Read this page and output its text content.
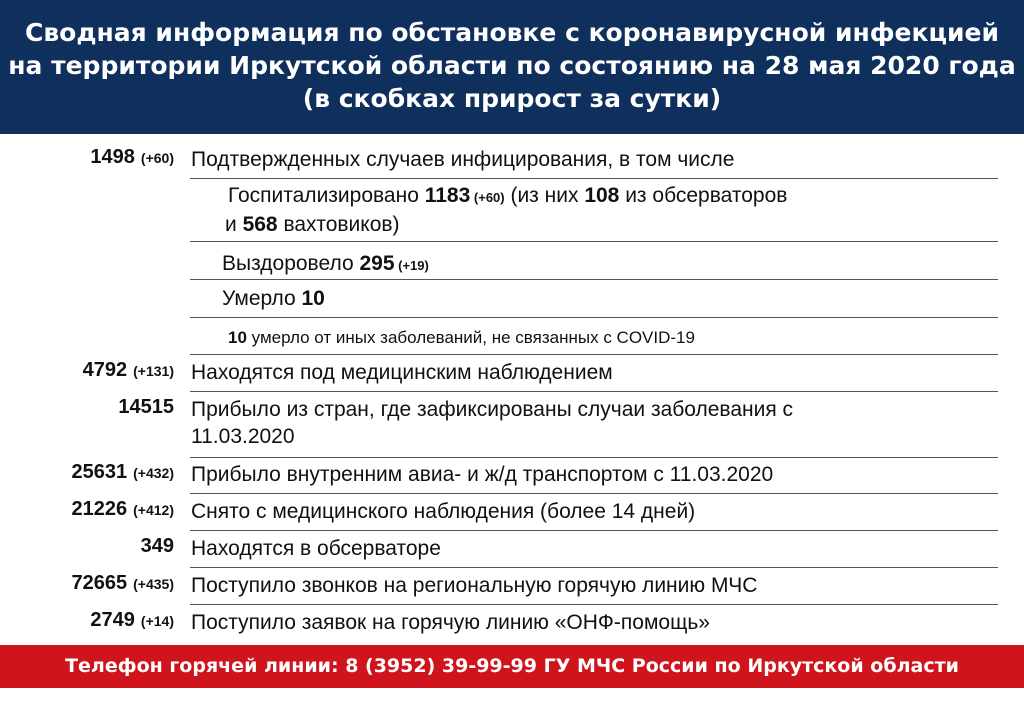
Сводная информация по обстановке с коронавирусной инфекцией
на территории Иркутской области по состоянию на 28 мая 2020 года
(в скобках прирост за сутки)
1498 (+60) Подтвержденных случаев инфицирования, в том числе
Госпитализировано 1183 (+60) (из них 108 из обсерваторов
и 568 вахтовиков)
Выздоровело 295 (+19)
Умерло 10
10 умерло от иных заболеваний, не связанных с COVID-19
4792 (+131) Находятся под медицинским наблюдением
14515 Прибыло из стран, где зафиксированы случаи заболевания с
11.03.2020
25631 (+432) Прибыло внутренним авиа- и ж/д транспортом с 11.03.2020
21226 (+412) Снято с медицинского наблюдения (более 14 дней)
349 Находятся в обсерваторе
72665 (+435) Поступило звонков на региональную горячую линию МЧС
2749 (+14) Поступило заявок на горячую линию «ОНФ-помощь»
Телефон горячей линии: 8 (3952) 39-99-99 ГУ МЧС России по Иркутской области
